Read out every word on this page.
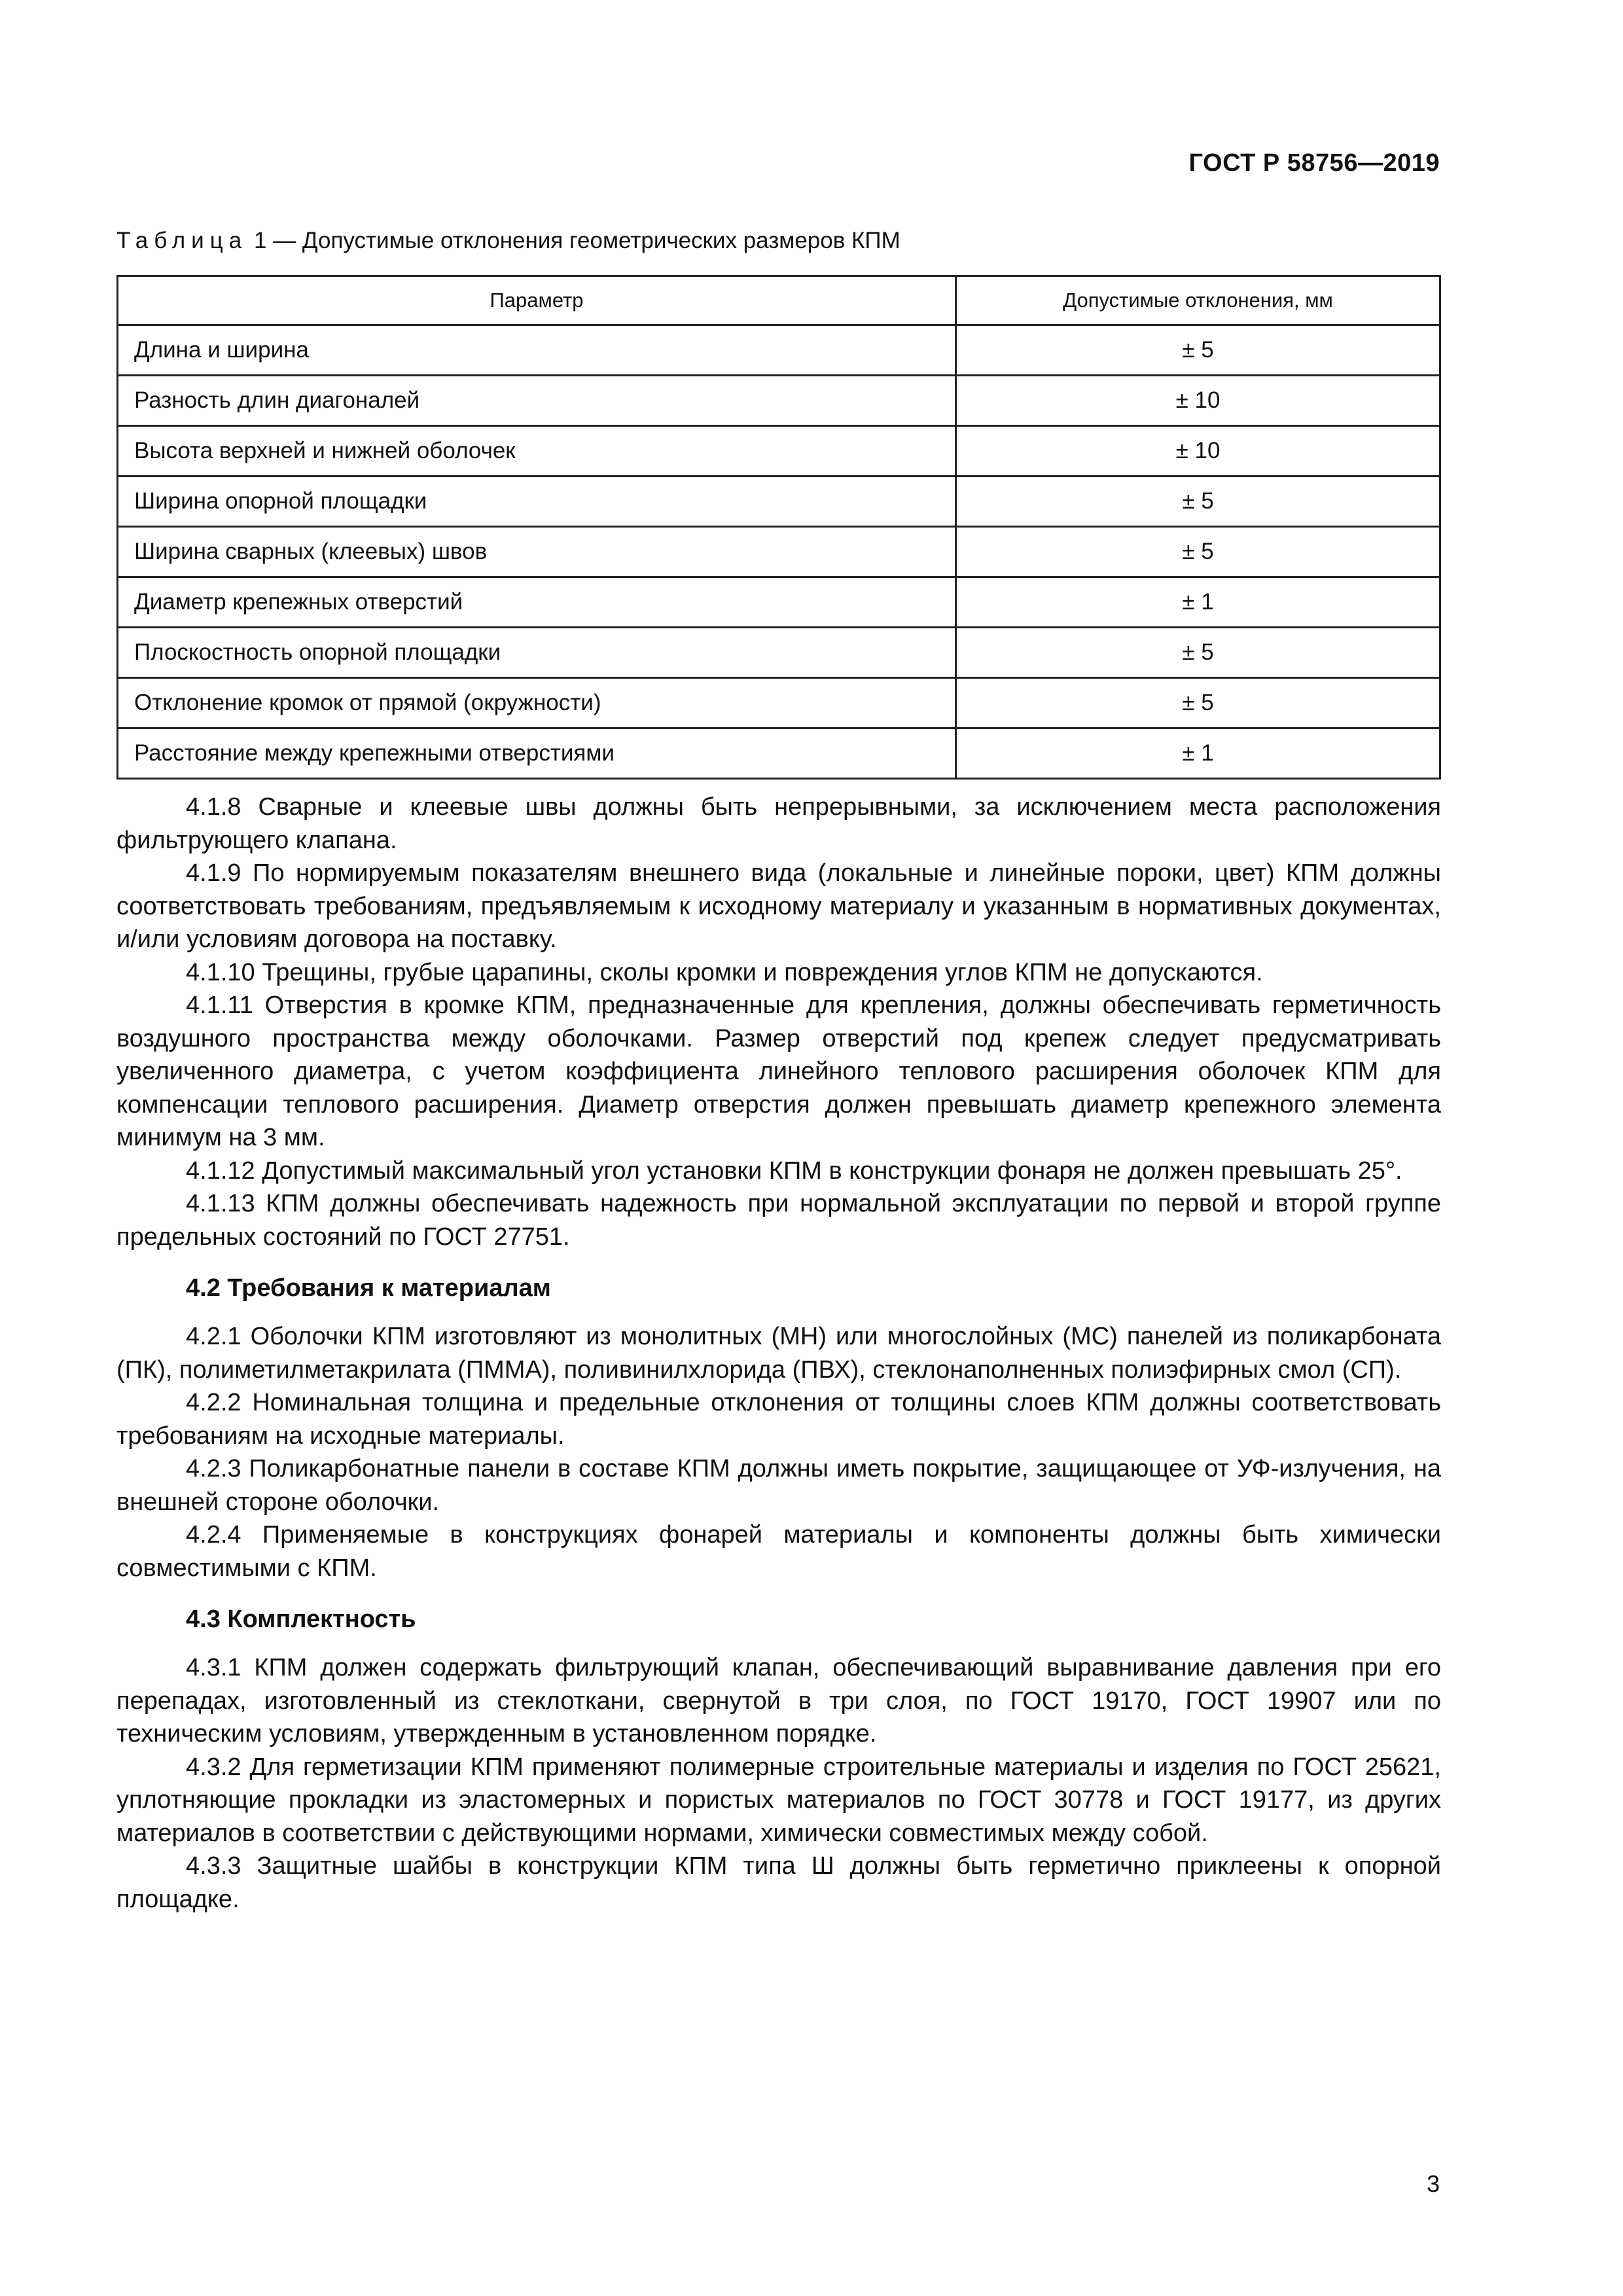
ГОСТ Р 58756—2019
Таблица 1 — Допустимые отклонения геометрических размеров КПМ
Параметр	Допустимые отклонения, мм
Длина и ширина	± 5
Разность длин диагоналей	± 10
Высота верхней и нижней оболочек	± 10
Ширина опорной площадки	± 5
Ширина сварных (клеевых) швов	± 5
Диаметр крепежных отверстий	± 1
Плоскостность опорной площадки	± 5
Отклонение кромок от прямой (окружности)	± 5
Расстояние между крепежными отверстиями	± 1

4.1.8 Сварные и клеевые швы должны быть непрерывными, за исключением места расположения фильтрующего клапана.

4.1.9 По нормируемым показателям внешнего вида (локальные и линейные пороки, цвет) КПМ должны соответствовать требованиям, предъявляемым к исходному материалу и указанным в нормативных документах, и/или условиям договора на поставку.

4.1.10 Трещины, грубые царапины, сколы кромки и повреждения углов КПМ не допускаются.

4.1.11 Отверстия в кромке КПМ, предназначенные для крепления, должны обеспечивать герметичность воздушного пространства между оболочками. Размер отверстий под крепеж следует предусматривать увеличенного диаметра, с учетом коэффициента линейного теплового расширения оболочек КПМ для компенсации теплового расширения. Диаметр отверстия должен превышать диаметр крепежного элемента минимум на 3 мм.

4.1.12 Допустимый максимальный угол установки КПМ в конструкции фонаря не должен превышать 25°.

4.1.13 КПМ должны обеспечивать надежность при нормальной эксплуатации по первой и второй группе предельных состояний по ГОСТ 27751.

4.2 Требования к материалам

4.2.1 Оболочки КПМ изготовляют из монолитных (МН) или многослойных (МС) панелей из поликарбоната (ПК), полиметилметакрилата (ПММА), поливинилхлорида (ПВХ), стеклонаполненных полиэфирных смол (СП).

4.2.2 Номинальная толщина и предельные отклонения от толщины слоев КПМ должны соответствовать требованиям на исходные материалы.

4.2.3 Поликарбонатные панели в составе КПМ должны иметь покрытие, защищающее от УФ-излучения, на внешней стороне оболочки.

4.2.4 Применяемые в конструкциях фонарей материалы и компоненты должны быть химически совместимыми с КПМ.

4.3 Комплектность

4.3.1 КПМ должен содержать фильтрующий клапан, обеспечивающий выравнивание давления при его перепадах, изготовленный из стеклоткани, свернутой в три слоя, по ГОСТ 19170, ГОСТ 19907 или по техническим условиям, утвержденным в установленном порядке.

4.3.2 Для герметизации КПМ применяют полимерные строительные материалы и изделия по ГОСТ 25621, уплотняющие прокладки из эластомерных и пористых материалов по ГОСТ 30778 и ГОСТ 19177, из других материалов в соответствии с действующими нормами, химически совместимых между собой.

4.3.3 Защитные шайбы в конструкции КПМ типа Ш должны быть герметично приклеены к опорной площадке.

3
